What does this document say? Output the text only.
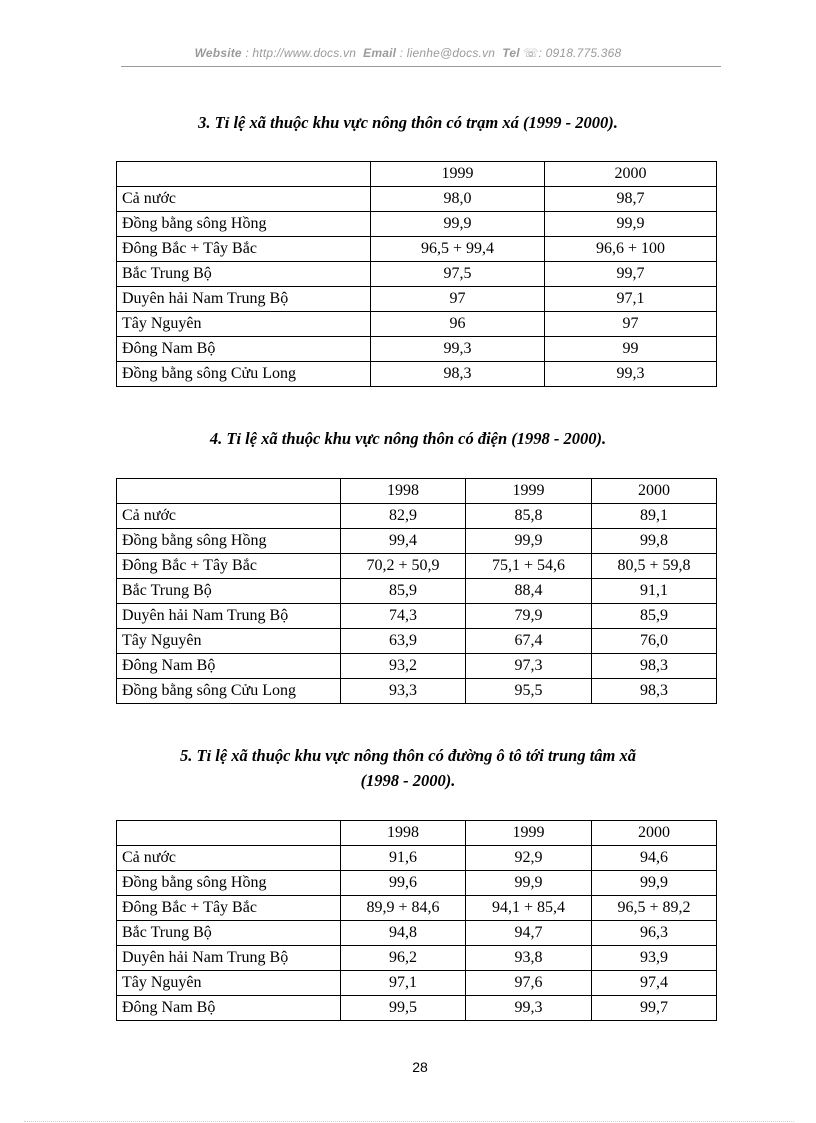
Website : http://www.docs.vn Email : lienhe@docs.vn Tel ☏: 0918.775.368
3. Tỉ lệ xã thuộc khu vực nông thôn có trạm xá (1999 - 2000).
	1999	2000
Cả nước	98,0	98,7
Đồng bằng sông Hồng	99,9	99,9
Đông Bắc + Tây Bắc	96,5 + 99,4	96,6 + 100
Bắc Trung Bộ	97,5	99,7
Duyên hải Nam Trung Bộ	97	97,1
Tây Nguyên	96	97
Đông Nam Bộ	99,3	99
Đồng bằng sông Cửu Long	98,3	99,3
4. Tỉ lệ xã thuộc khu vực nông thôn có điện (1998 - 2000).
	1998	1999	2000
Cả nước	82,9	85,8	89,1
Đồng bằng sông Hồng	99,4	99,9	99,8
Đông Bắc + Tây Bắc	70,2 + 50,9	75,1 + 54,6	80,5 + 59,8
Bắc Trung Bộ	85,9	88,4	91,1
Duyên hải Nam Trung Bộ	74,3	79,9	85,9
Tây Nguyên	63,9	67,4	76,0
Đông Nam Bộ	93,2	97,3	98,3
Đồng bằng sông Cửu Long	93,3	95,5	98,3
5. Tỉ lệ xã thuộc khu vực nông thôn có đường ô tô tới trung tâm xã
(1998 - 2000).
	1998	1999	2000
Cả nước	91,6	92,9	94,6
Đồng bằng sông Hồng	99,6	99,9	99,9
Đông Bắc + Tây Bắc	89,9 + 84,6	94,1 + 85,4	96,5 + 89,2
Bắc Trung Bộ	94,8	94,7	96,3
Duyên hải Nam Trung Bộ	96,2	93,8	93,9
Tây Nguyên	97,1	97,6	97,4
Đông Nam Bộ	99,5	99,3	99,7
28
